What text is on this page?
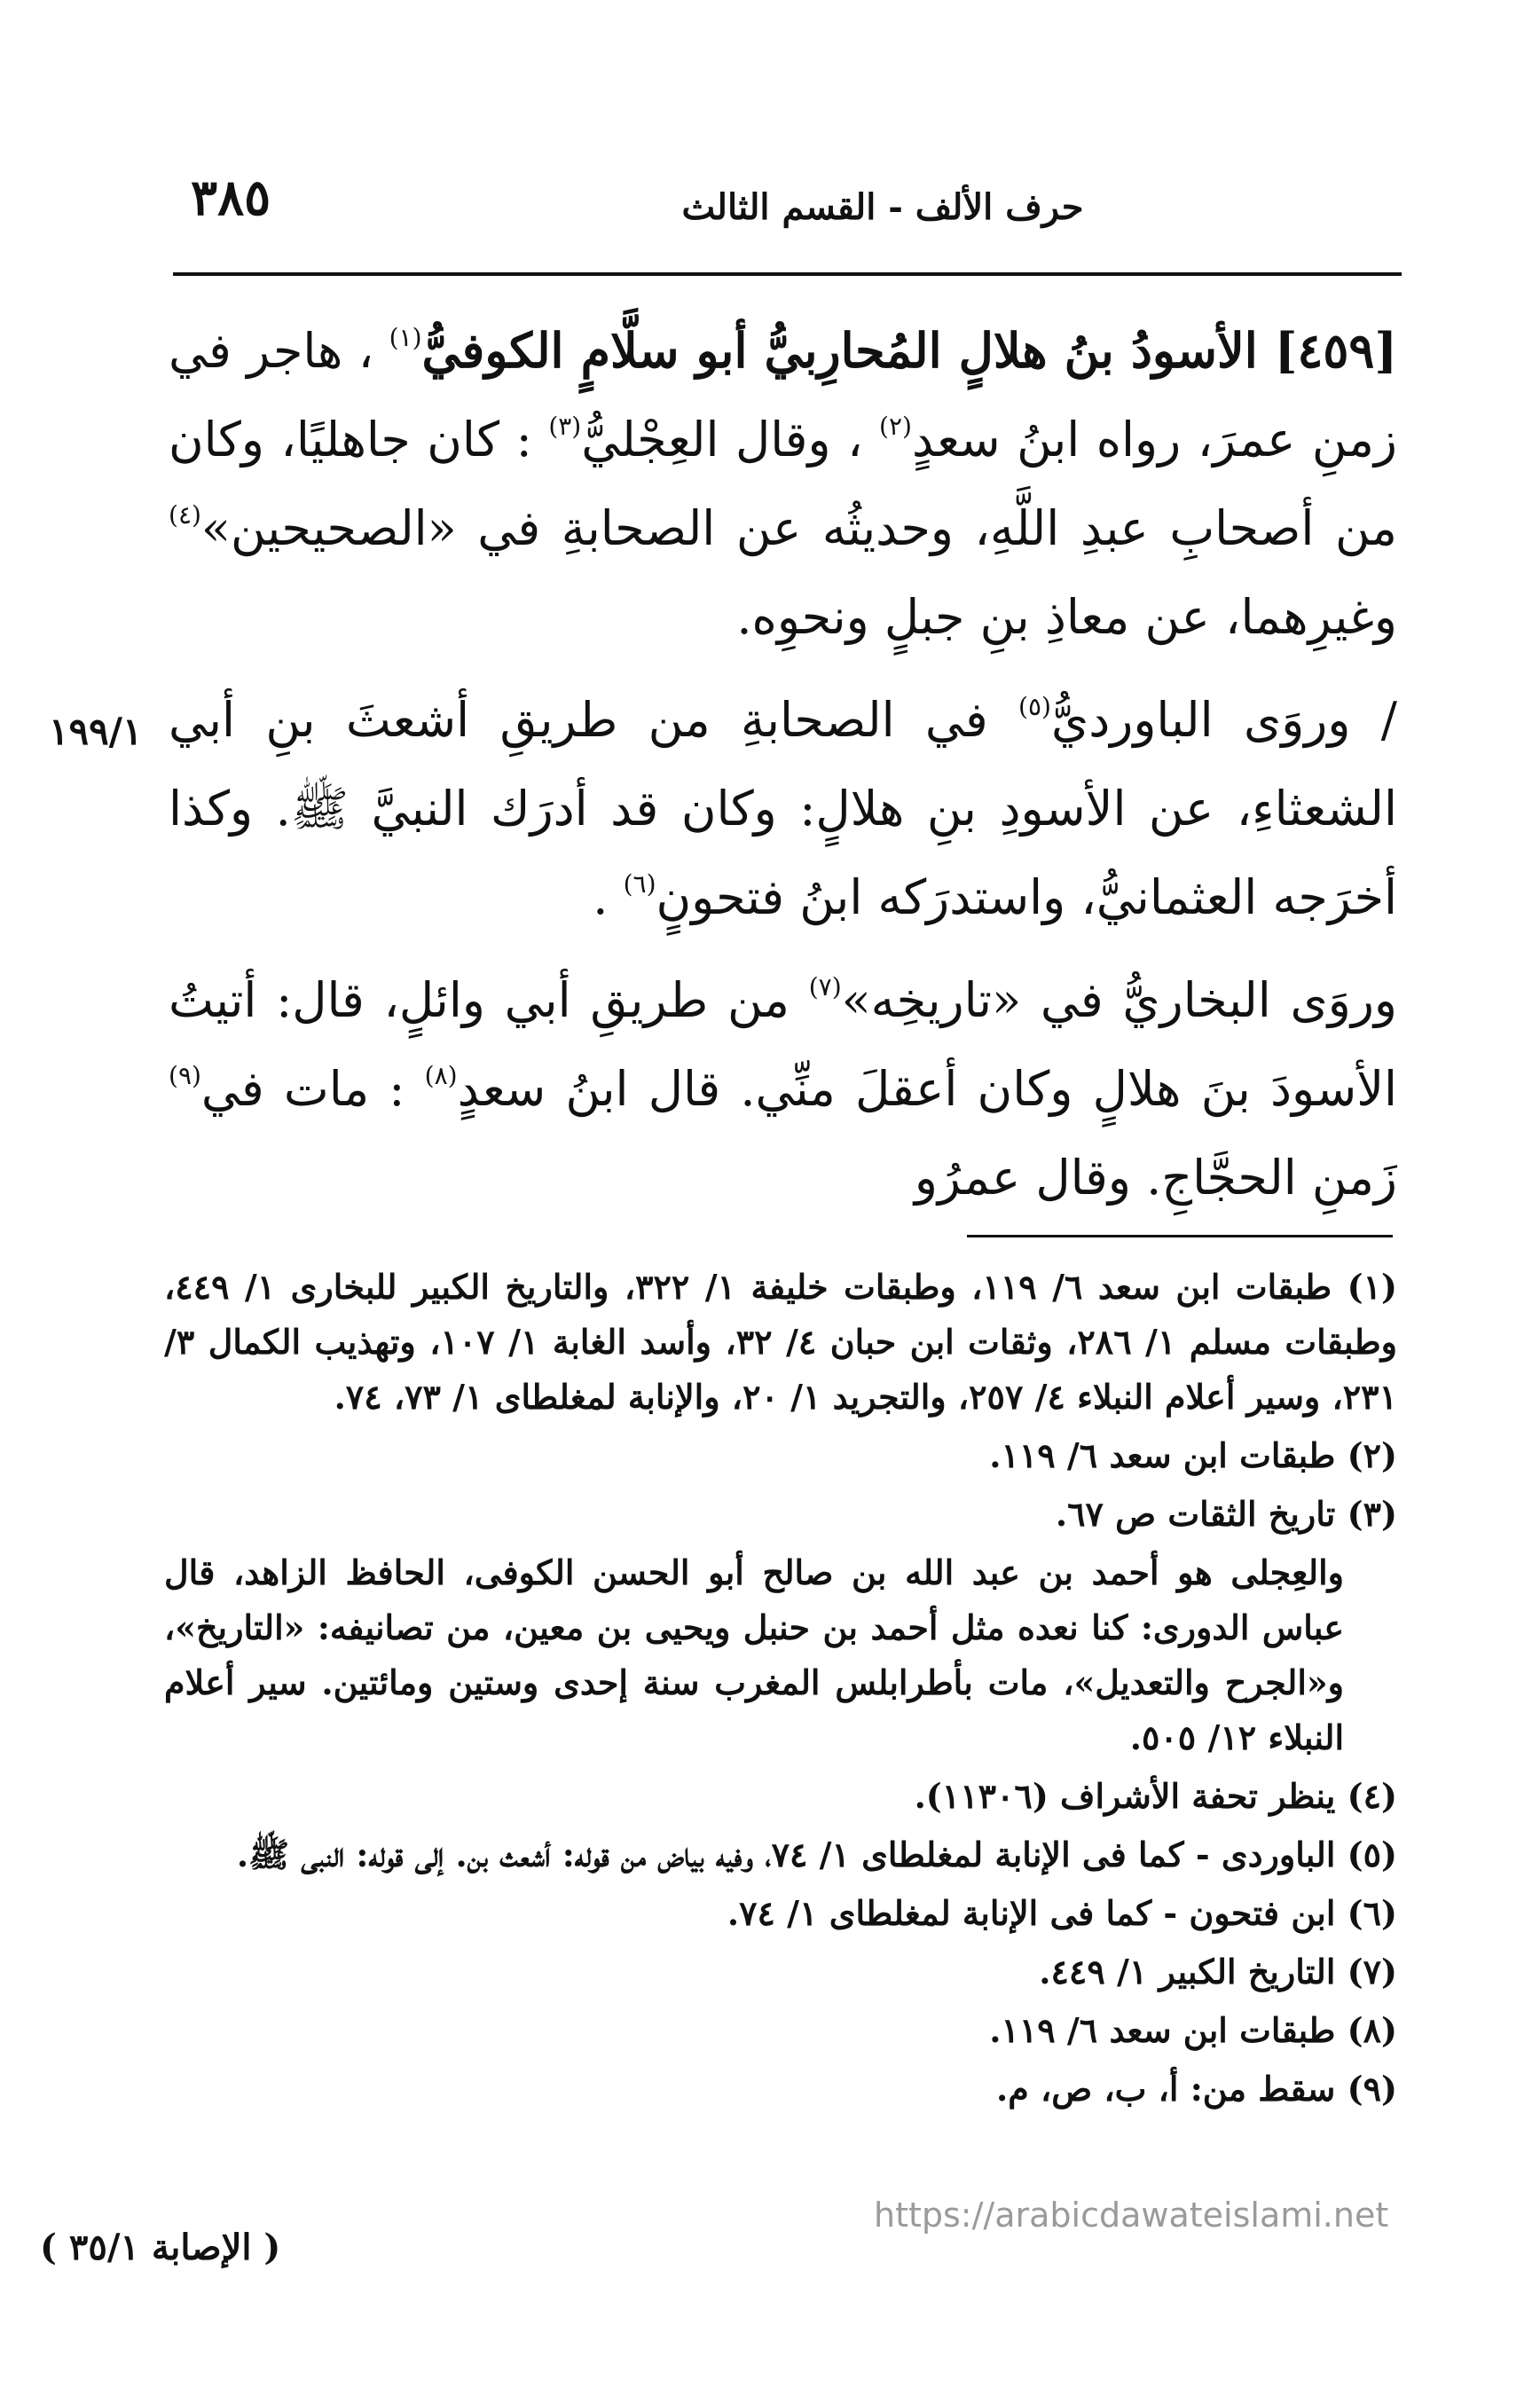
٣٨٥	حرف الألف - القسم الثالث
١٩٩/١

[٤٥٩] الأسودُ بنُ هلالٍ المُحارِبيُّ أبو سلَّامٍ الكوفيُّ$^{(١)}$ ، هاجر في زمنِ عمرَ، رواه ابنُ سعدٍ$^{(٢)}$ ، وقال العِجْليُّ$^{(٣)}$ : كان جاهليًا، وكان من أصحابِ عبدِ اللَّهِ، وحديثُه عن الصحابةِ في «الصحيحين»$^{(٤)}$ وغيرِهما، عن معاذِ بنِ جبلٍ ونحوِه.

/ وروَى الباورديُّ$^{(٥)}$ في الصحابةِ من طريقِ أشعثَ بنِ أبي الشعثاءِ، عن الأسودِ بنِ هلالٍ: وكان قد أدرَك النبيَّ ﷺ. وكذا أخرَجه العثمانيُّ، واستدرَكه ابنُ فتحونٍ$^{(٦)}$ .

وروَى البخاريُّ في «تاريخِه»$^{(٧)}$ من طريقِ أبي وائلٍ، قال: أتيتُ الأسودَ بنَ هلالٍ وكان أعقلَ منِّي. قال ابنُ سعدٍ$^{(٨)}$ : مات في$^{(٩)}$ زَمنِ الحجَّاجِ. وقال عمرُو

(١) طبقات ابن سعد ٦/ ١١٩، وطبقات خليفة ١/ ٣٢٢، والتاريخ الكبير للبخارى ١/ ٤٤٩، وطبقات مسلم ١/ ٢٨٦، وثقات ابن حبان ٤/ ٣٢، وأسد الغابة ١/ ١٠٧، وتهذيب الكمال ٣/ ٢٣١، وسير أعلام النبلاء ٤/ ٢٥٧، والتجريد ١/ ٢٠، والإنابة لمغلطاى ١/ ٧٣، ٧٤.

(٢) طبقات ابن سعد ٦/ ١١٩.

(٣) تاريخ الثقات ص ٦٧.

والعِجلى هو أحمد بن عبد الله بن صالح أبو الحسن الكوفى، الحافظ الزاهد، قال عباس الدورى: كنا نعده مثل أحمد بن حنبل ويحيى بن معين، من تصانيفه: «التاريخ»، و«الجرح والتعديل»، مات بأطرابلس المغرب سنة إحدى وستين ومائتين. سير أعلام النبلاء ١٢/ ٥٠٥.

(٤) ينظر تحفة الأشراف (١١٣٠٦).

(٥) الباوردى - كما فى الإنابة لمغلطاى ١/ ٧٤، وفيه بياض من قوله: أشعث بن. إلى قوله: النبى ﷺ.

(٦) ابن فتحون - كما فى الإنابة لمغلطاى ١/ ٧٤.

(٧) التاريخ الكبير ١/ ٤٤٩.

(٨) طبقات ابن سعد ٦/ ١١٩.

(٩) سقط من: أ، ب، ص، م.

https://arabicdawateislami.net
( الإصابة ٣٥/١ )
